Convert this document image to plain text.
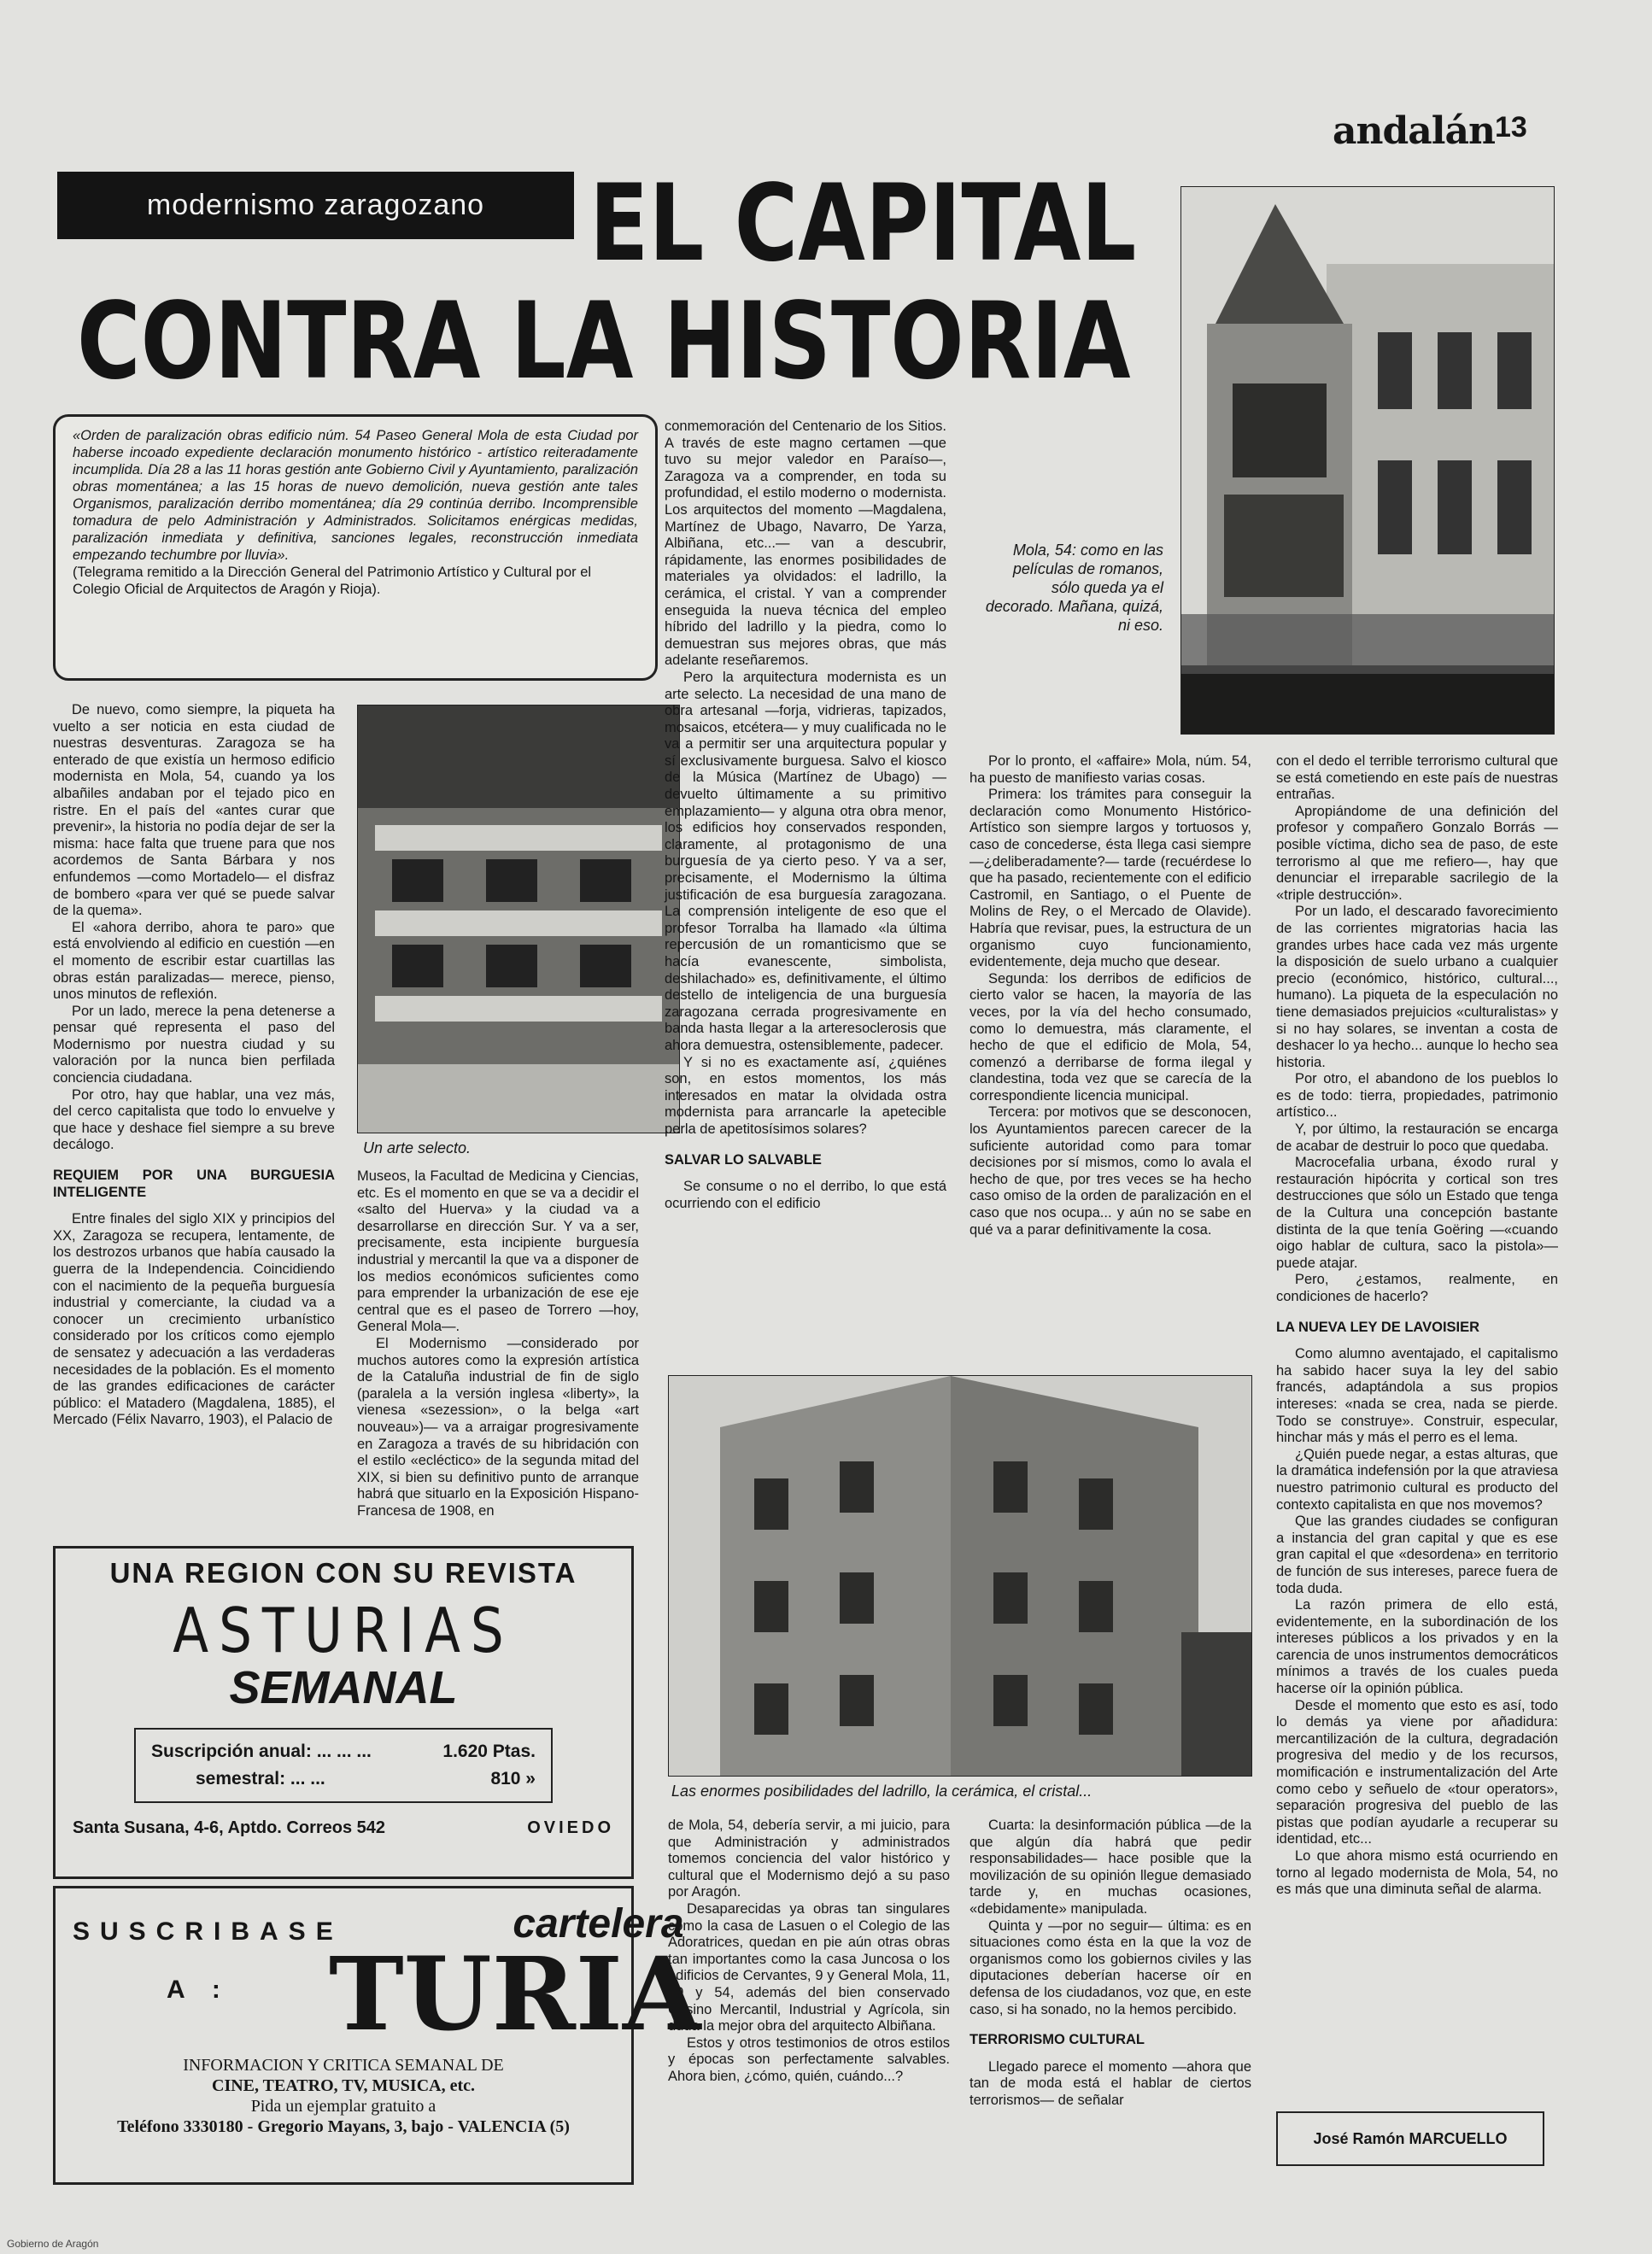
andalán 13
modernismo zaragozano EL CAPITAL
CONTRA LA HISTORIA
Mola, 54: como en las películas de romanos, sólo queda ya el decorado. Mañana, quizá, ni eso.

«Orden de paralización obras edificio núm. 54 Paseo General Mola de esta Ciudad por haberse incoado expediente declaración monumento histórico - artístico reiteradamente incumplida. Día 28 a las 11 horas gestión ante Gobierno Civil y Ayuntamiento, paralización obras momentánea; a las 15 horas de nuevo demolición, nueva gestión ante tales Organismos, paralización derribo momentánea; día 29 continúa derribo. Incomprensible tomadura de pelo Administración y Administrados. Solicitamos enérgicas medidas, paralización inmediata y definitiva, sanciones legales, reconstrucción inmediata empezando techumbre por lluvia».

(Telegrama remitido a la Dirección General del Patrimonio Artístico y Cultural por el Colegio Oficial de Arquitectos de Aragón y Rioja).

De nuevo, como siempre, la piqueta ha vuelto a ser noticia en esta ciudad de nuestras desventuras. Zaragoza se ha enterado de que existía un hermoso edificio modernista en Mola, 54, cuando ya los albañiles andaban por el tejado pico en ristre. En el país del «antes curar que prevenir», la historia no podía dejar de ser la misma: hace falta que truene para que nos acordemos de Santa Bárbara y nos enfundemos —como Mortadelo— el disfraz de bombero «para ver qué se puede salvar de la quema».

El «ahora derribo, ahora te paro» que está envolviendo al edificio en cuestión —en el momento de escribir estar cuartillas las obras están paralizadas— merece, pienso, unos minutos de reflexión.

Por un lado, merece la pena detenerse a pensar qué representa el paso del Modernismo por nuestra ciudad y su valoración por la nunca bien perfilada conciencia ciudadana.

Por otro, hay que hablar, una vez más, del cerco capitalista que todo lo envuelve y que hace y deshace fiel siempre a su breve decálogo.

REQUIEM POR UNA BURGUESIA INTELIGENTE

Entre finales del siglo XIX y principios del XX, Zaragoza se recupera, lentamente, de los destrozos urbanos que había causado la guerra de la Independencia. Coincidiendo con el nacimiento de la pequeña burguesía industrial y comerciante, la ciudad va a conocer un crecimiento urbanístico considerado por los críticos como ejemplo de sensatez y adecuación a las verdaderas necesidades de la población. Es el momento de las grandes edificaciones de carácter público: el Matadero (Magdalena, 1885), el Mercado (Félix Navarro, 1903), el Palacio de

Un arte selecto.

Museos, la Facultad de Medicina y Ciencias, etc. Es el momento en que se va a decidir el «salto del Huerva» y la ciudad va a desarrollarse en dirección Sur. Y va a ser, precisamente, esta incipiente burguesía industrial y mercantil la que va a disponer de los medios económicos suficientes como para emprender la urbanización de ese eje central que es el paseo de Torrero —hoy, General Mola—.

El Modernismo —considerado por muchos autores como la expresión artística de la Cataluña industrial de fin de siglo (paralela a la versión inglesa «liberty», la vienesa «sezession», o la belga «art nouveau»)— va a arraigar progresivamente en Zaragoza a través de su hibridación con el estilo «ecléctico» de la segunda mitad del XIX, si bien su definitivo punto de arranque habrá que situarlo en la Exposición Hispano-Francesa de 1908, en

conmemoración del Centenario de los Sitios. A través de este magno certamen —que tuvo su mejor valedor en Paraíso—, Zaragoza va a comprender, en toda su profundidad, el estilo moderno o modernista. Los arquitectos del momento —Magdalena, Martínez de Ubago, Navarro, De Yarza, Albiñana, etc...— van a descubrir, rápidamente, las enormes posibilidades de materiales ya olvidados: el ladrillo, la cerámica, el cristal. Y van a comprender enseguida la nueva técnica del empleo híbrido del ladrillo y la piedra, como lo demuestran sus mejores obras, que más adelante reseñaremos.

Pero la arquitectura modernista es un arte selecto. La necesidad de una mano de obra artesanal —forja, vidrieras, tapizados, mosaicos, etcétera— y muy cualificada no le va a permitir ser una arquitectura popular y sí exclusivamente burguesa. Salvo el kiosco de la Música (Martínez de Ubago) —devuelto últimamente a su primitivo emplazamiento— y alguna otra obra menor, los edificios hoy conservados responden, claramente, al protagonismo de una burguesía de ya cierto peso. Y va a ser, precisamente, el Modernismo la última justificación de esa burguesía zaragozana. La comprensión inteligente de eso que el profesor Torralba ha llamado «la última repercusión de un romanticismo que se hacía evanescente, simbolista, deshilachado» es, definitivamente, el último destello de inteligencia de una burguesía zaragozana cerrada progresivamente en banda hasta llegar a la arteresoclerosis que ahora demuestra, ostensiblemente, padecer.

Y si no es exactamente así, ¿quiénes son, en estos momentos, los más interesados en matar la olvidada ostra modernista para arrancarle la apetecible perla de apetitosísimos solares?

SALVAR LO SALVABLE

Se consume o no el derribo, lo que está ocurriendo con el edificio

Por lo pronto, el «affaire» Mola, núm. 54, ha puesto de manifiesto varias cosas.

Primera: los trámites para conseguir la declaración como Monumento Histórico-Artístico son siempre largos y tortuosos y, caso de concederse, ésta llega casi siempre —¿deliberadamente?— tarde (recuérdese lo que ha pasado, recientemente con el edificio Castromil, en Santiago, o el Puente de Molins de Rey, o el Mercado de Olavide). Habría que revisar, pues, la estructura de un organismo cuyo funcionamiento, evidentemente, deja mucho que desear.

Segunda: los derribos de edificios de cierto valor se hacen, la mayoría de las veces, por la vía del hecho consumado, como lo demuestra, más claramente, el hecho de que el edificio de Mola, 54, comenzó a derribarse de forma ilegal y clandestina, toda vez que se carecía de la correspondiente licencia municipal.

Tercera: por motivos que se desconocen, los Ayuntamientos parecen carecer de la suficiente autoridad como para tomar decisiones por sí mismos, como lo avala el hecho de que, por tres veces se ha hecho caso omiso de la orden de paralización en el caso que nos ocupa... y aún no se sabe en qué va a parar definitivamente la cosa.

Las enormes posibilidades del ladrillo, la cerámica, el cristal...

de Mola, 54, debería servir, a mi juicio, para que Administración y administrados tomemos conciencia del valor histórico y cultural que el Modernismo dejó a su paso por Aragón.

Desaparecidas ya obras tan singulares como la casa de Lasuen o el Colegio de las Adoratrices, quedan en pie aún otras obras tan importantes como la casa Juncosa o los edificios de Cervantes, 9 y General Mola, 11, 40 y 54, además del bien conservado Casino Mercantil, Industrial y Agrícola, sin duda la mejor obra del arquitecto Albiñana.

Estos y otros testimonios de otros estilos y épocas son perfectamente salvables. Ahora bien, ¿cómo, quién, cuándo...?

Cuarta: la desinformación pública —de la que algún día habrá que pedir responsabilidades— hace posible que la movilización de su opinión llegue demasiado tarde y, en muchas ocasiones, «debidamente» manipulada.

Quinta y —por no seguir— última: es en situaciones como ésta en la que la voz de organismos como los gobiernos civiles y las diputaciones deberían hacerse oír en defensa de los ciudadanos, voz que, en este caso, si ha sonado, no la hemos percibido.

TERRORISMO CULTURAL

Llegado parece el momento —ahora que tan de moda está el hablar de ciertos terrorismos— de señalar

con el dedo el terrible terrorismo cultural que se está cometiendo en este país de nuestras entrañas.

Apropiándome de una definición del profesor y compañero Gonzalo Borrás —posible víctima, dicho sea de paso, de este terrorismo al que me refiero—, hay que denunciar el irreparable sacrilegio de la «triple destrucción».

Por un lado, el descarado favorecimiento de las corrientes migratorias hacia las grandes urbes hace cada vez más urgente la disposición de suelo urbano a cualquier precio (económico, histórico, cultural..., humano). La piqueta de la especulación no tiene demasiados prejuicios «culturalistas» y si no hay solares, se inventan a costa de deshacer lo ya hecho... aunque lo hecho sea historia.

Por otro, el abandono de los pueblos lo es de todo: tierra, propiedades, patrimonio artístico...

Y, por último, la restauración se encarga de acabar de destruir lo poco que quedaba.

Macrocefalia urbana, éxodo rural y restauración hipócrita y cortical son tres destrucciones que sólo un Estado que tenga de la Cultura una concepción bastante distinta de la que tenía Goëring —«cuando oigo hablar de cultura, saco la pistola»— puede atajar.

Pero, ¿estamos, realmente, en condiciones de hacerlo?

LA NUEVA LEY DE LAVOISIER

Como alumno aventajado, el capitalismo ha sabido hacer suya la ley del sabio francés, adaptándola a sus propios intereses: «nada se crea, nada se pierde. Todo se construye». Construir, especular, hinchar más y más el perro es el lema.

¿Quién puede negar, a estas alturas, que la dramática indefensión por la que atraviesa nuestro patrimonio cultural es producto del contexto capitalista en que nos movemos?

Que las grandes ciudades se configuran a instancia del gran capital y que es ese gran capital el que «desordena» en territorio de función de sus intereses, parece fuera de toda duda.

La razón primera de ello está, evidentemente, en la subordinación de los intereses públicos a los privados y en la carencia de unos instrumentos democráticos mínimos a través de los cuales pueda hacerse oír la opinión pública.

Desde el momento que esto es así, todo lo demás ya viene por añadidura: mercantilización de la cultura, degradación progresiva del medio y de los recursos, momificación e instrumentalización del Arte como cebo y señuelo de «tour operators», separación progresiva del pueblo de las pistas que podían ayudarle a recuperar su identidad, etc...

Lo que ahora mismo está ocurriendo en torno al legado modernista de Mola, 54, no es más que una diminuta señal de alarma.

José Ramón MARCUELLO
UNA REGION CON SU REVISTA
ASTURIAS
SEMANAL
Suscripción anual: ... ... ...	1.620 Ptas.
semestral: ... ...	810 »
Santa Susana, 4-6, Aptdo. Correos 542	OVIEDO
SUSCRIBASE
A :
cartelera
TURIA
INFORMACION Y CRITICA SEMANAL DE
CINE, TEATRO, TV, MUSICA, etc.
Pida un ejemplar gratuito a
Teléfono 3330180 - Gregorio Mayans, 3, bajo - VALENCIA (5)
Gobierno de Aragón
